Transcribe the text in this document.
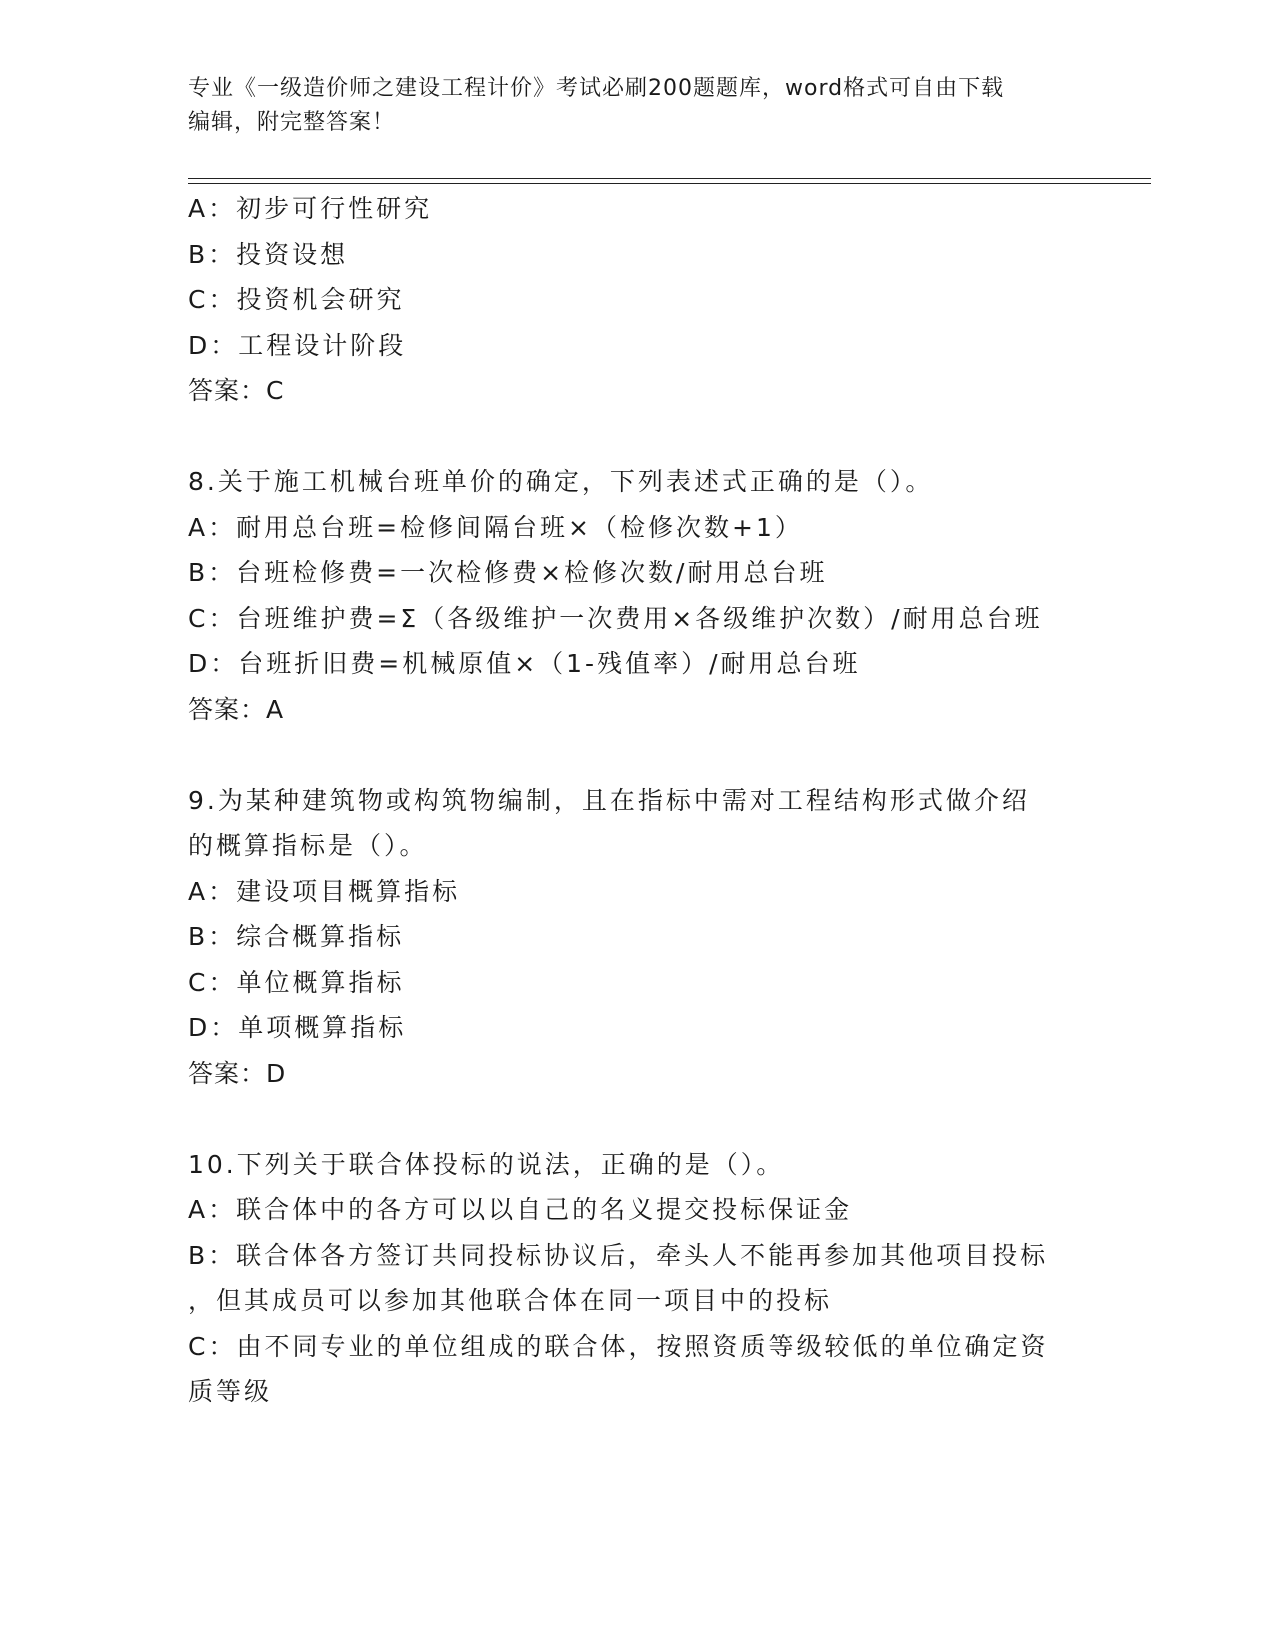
专业《一级造价师之建设工程计价》考试必刷200题题库，word格式可自由下载
编辑，附完整答案！
A：初步可行性研究
B：投资设想
C：投资机会研究
D：工程设计阶段
答案：C
8.关于施工机械台班单价的确定，下列表述式正确的是（）。
A：耐用总台班=检修间隔台班×（检修次数+1）
B：台班检修费=一次检修费×检修次数/耐用总台班
C：台班维护费=Σ（各级维护一次费用×各级维护次数）/耐用总台班
D：台班折旧费=机械原值×（1-残值率）/耐用总台班
答案：A
9.为某种建筑物或构筑物编制，且在指标中需对工程结构形式做介绍
的概算指标是（）。
A：建设项目概算指标
B：综合概算指标
C：单位概算指标
D：单项概算指标
答案：D
10.下列关于联合体投标的说法，正确的是（）。
A：联合体中的各方可以以自己的名义提交投标保证金
B：联合体各方签订共同投标协议后，牵头人不能再参加其他项目投标
，但其成员可以参加其他联合体在同一项目中的投标
C：由不同专业的单位组成的联合体，按照资质等级较低的单位确定资
质等级
